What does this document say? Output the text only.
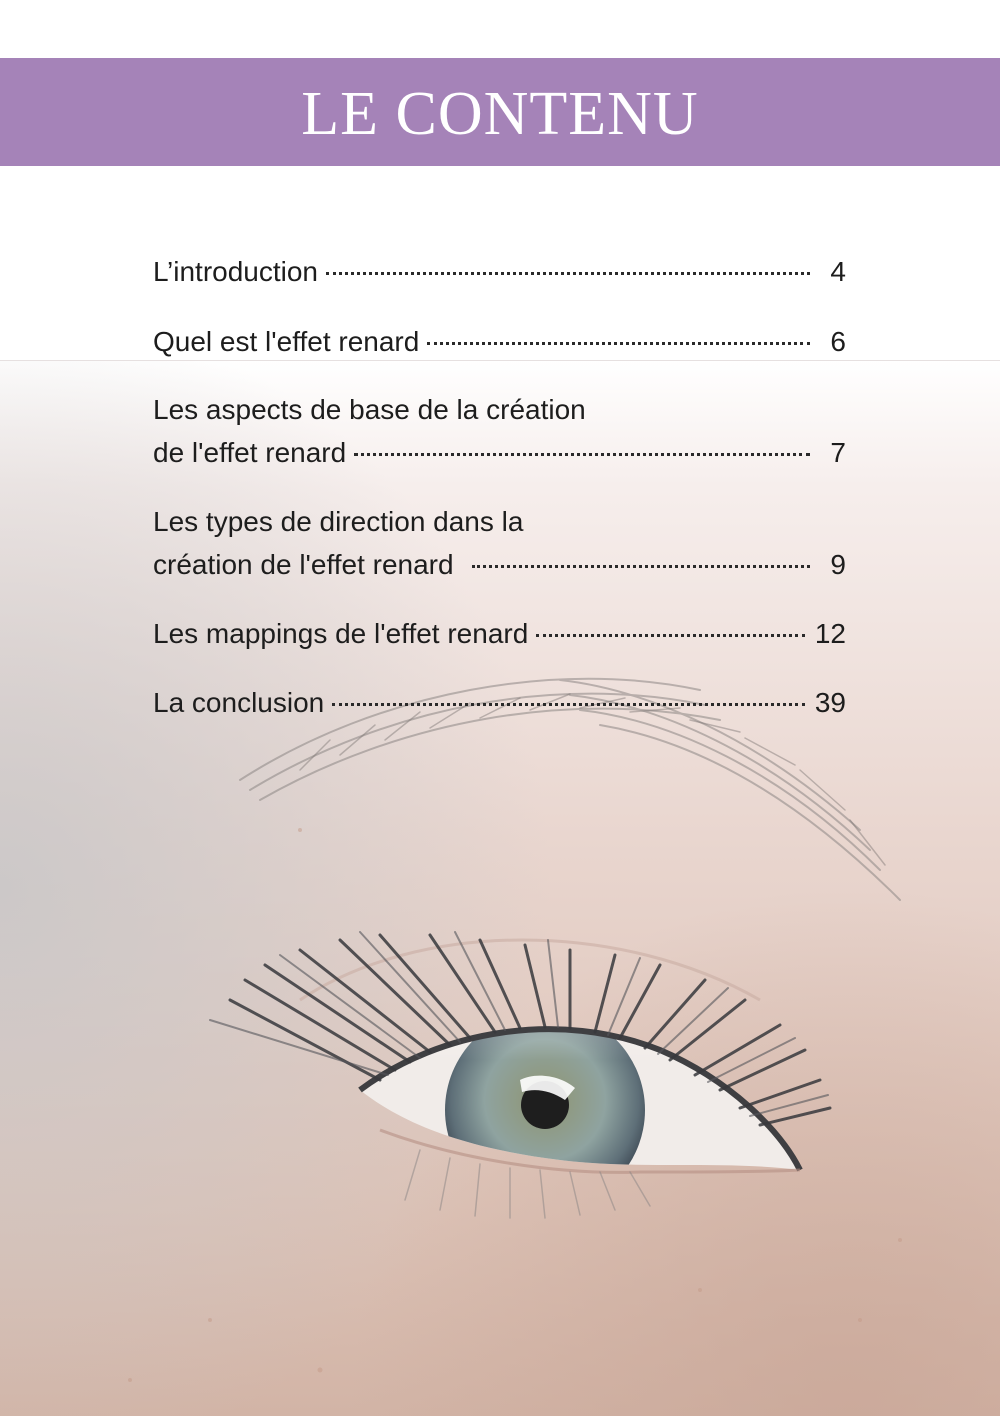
LE CONTENU
L’introduction	4
Quel est l'effet renard	6
Les aspects de base de la création
de l'effet renard	7
Les types de direction dans la
création de l'effet renard	9
Les mappings de l'effet renard	12
La conclusion	39
